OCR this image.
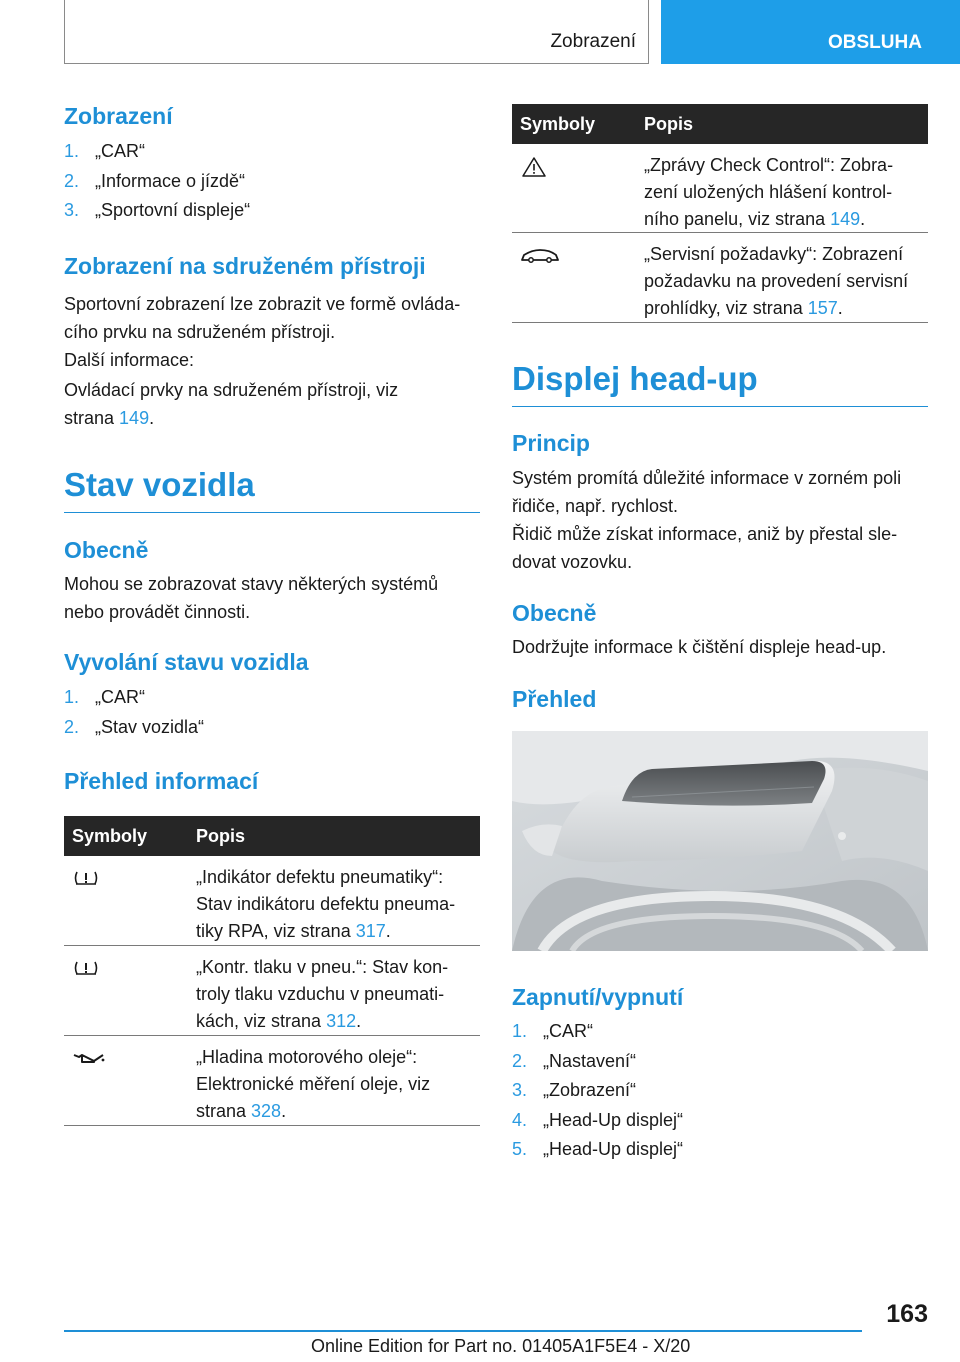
Zobrazení	OBSLUHA
Zobrazení
1. „CAR“
2. „Informace o jízdě“
3. „Sportovní displeje“
Zobrazení na sdruženém přístroji

Sportovní zobrazení lze zobrazit ve formě ovláda-
cího prvku na sdruženém přístroji.

Další informace:

Ovládací prvky na sdruženém přístroji, viz
strana 149.

Stav vozidla
Obecně

Mohou se zobrazovat stavy některých systémů
nebo provádět činnosti.

Vyvolání stavu vozidla
1. „CAR“
2. „Stav vozidla“
Přehled informací
Symboly	Popis
„Indikátor defektu pneumatiky“:
Stav indikátoru defektu pneuma-
tiky RPA, viz strana 317.
„Kontr. tlaku v pneu.“: Stav kon-
troly tlaku vzduchu v pneumati-
kách, viz strana 312.
„Hladina motorového oleje“:
Elektronické měření oleje, viz
strana 328.
Symboly	Popis
„Zprávy Check Control“: Zobra-
zení uložených hlášení kontrol-
ního panelu, viz strana 149.
„Servisní požadavky“: Zobrazení
požadavku na provedení servisní
prohlídky, viz strana 157.
Displej head-up
Princip

Systém promítá důležité informace v zorném poli
řidiče, např. rychlost.

Řidič může získat informace, aniž by přestal sle-
dovat vozovku.

Obecně

Dodržujte informace k čištění displeje head-up.

Přehled
Zapnutí/vypnutí
1. „CAR“
2. „Nastavení“
3. „Zobrazení“
4. „Head-Up displej“
5. „Head-Up displej“
163
Online Edition for Part no. 01405A1F5E4 - X/20
